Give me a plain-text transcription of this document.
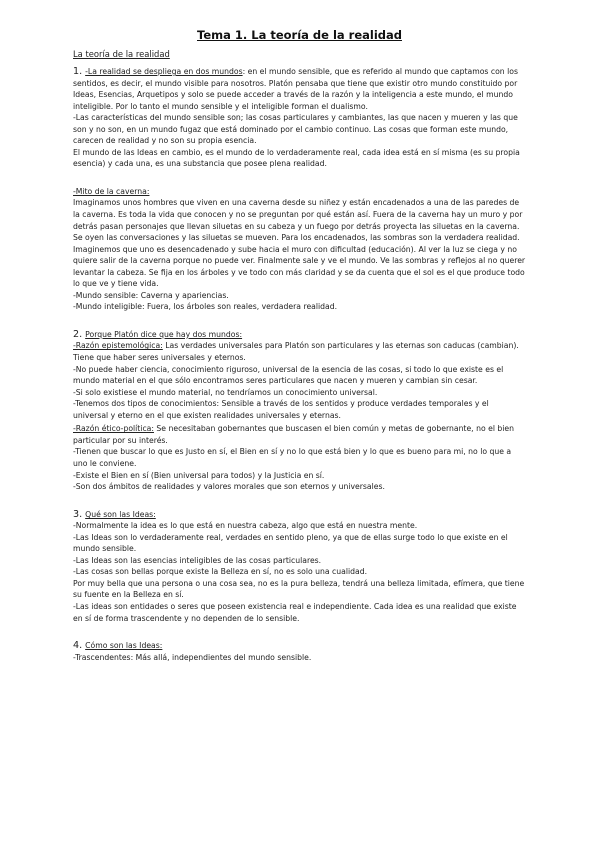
Tema 1. La teoría de la realidad
La teoría de la realidad

1. -La realidad se despliega en dos mundos: en el mundo sensible, que es referido al mundo que captamos con los sentidos, es decir, el mundo visible para nosotros. Platón pensaba que tiene que existir otro mundo constituido por Ideas, Esencias, Arquetipos y solo se puede acceder a través de la razón y la inteligencia a este mundo, el mundo inteligible. Por lo tanto el mundo sensible y el inteligible forman el dualismo.

-Las características del mundo sensible son; las cosas particulares y cambiantes, las que nacen y mueren y las que son y no son, en un mundo fugaz que está dominado por el cambio continuo. Las cosas que forman este mundo, carecen de realidad y no son su propia esencia.

El mundo de las Ideas en cambio, es el mundo de lo verdaderamente real, cada idea está en sí misma (es su propia esencia) y cada una, es una substancia que posee plena realidad.

-Mito de la caverna:

Imaginamos unos hombres que viven en una caverna desde su niñez y están encadenados a una de las paredes de la caverna. Es toda la vida que conocen y no se preguntan por qué están así. Fuera de la caverna hay un muro y por detrás pasan personajes que llevan siluetas en su cabeza y un fuego por detrás proyecta las siluetas en la caverna. Se oyen las conversaciones y las siluetas se mueven. Para los encadenados, las sombras son la verdadera realidad.

Imaginemos que uno es desencadenado y sube hacia el muro con dificultad (educación). Al ver la luz se ciega y no quiere salir de la caverna porque no puede ver. Finalmente sale y ve el mundo. Ve las sombras y reflejos al no querer levantar la cabeza. Se fija en los árboles y ve todo con más claridad y se da cuenta que el sol es el que produce todo lo que ve y tiene vida.

-Mundo sensible: Caverna y apariencias.

-Mundo inteligible: Fuera, los árboles son reales, verdadera realidad.

2. Porque Platón dice que hay dos mundos:

-Razón epistemológica: Las verdades universales para Platón son particulares y las eternas son caducas (cambian). Tiene que haber seres universales y eternos.

-No puede haber ciencia, conocimiento riguroso, universal de la esencia de las cosas, si todo lo que existe es el mundo material en el que sólo encontramos seres particulares que nacen y mueren y cambian sin cesar.

-Si solo existiese el mundo material, no tendríamos un conocimiento universal.

-Tenemos dos tipos de conocimientos: Sensible a través de los sentidos y produce verdades temporales y el universal y eterno en el que existen realidades universales y eternas.

-Razón ético-política: Se necesitaban gobernantes que buscasen el bien común y metas de gobernante, no el bien particular por su interés.

-Tienen que buscar lo que es Justo en sí, el Bien en sí y no lo que está bien y lo que es bueno para mi, no lo que a uno le conviene.

-Existe el Bien en sí (Bien universal para todos) y la Justicia en sí.

-Son dos ámbitos de realidades y valores morales que son eternos y universales.

3. Qué son las Ideas:

-Normalmente la idea es lo que está en nuestra cabeza, algo que está en nuestra mente.

-Las Ideas son lo verdaderamente real, verdades en sentido pleno, ya que de ellas surge todo lo que existe en el mundo sensible.

-Las Ideas son las esencias inteligibles de las cosas particulares.

-Las cosas son bellas porque existe la Belleza en sí, no es solo una cualidad.

Por muy bella que una persona o una cosa sea, no es la pura belleza, tendrá una belleza limitada, efímera, que tiene su fuente en la Belleza en sí.

-Las ideas son entidades o seres que poseen existencia real e independiente. Cada idea es una realidad que existe en sí de forma trascendente y no dependen de lo sensible.

4. Cómo son las Ideas:

-Trascendentes: Más allá, independientes del mundo sensible.
